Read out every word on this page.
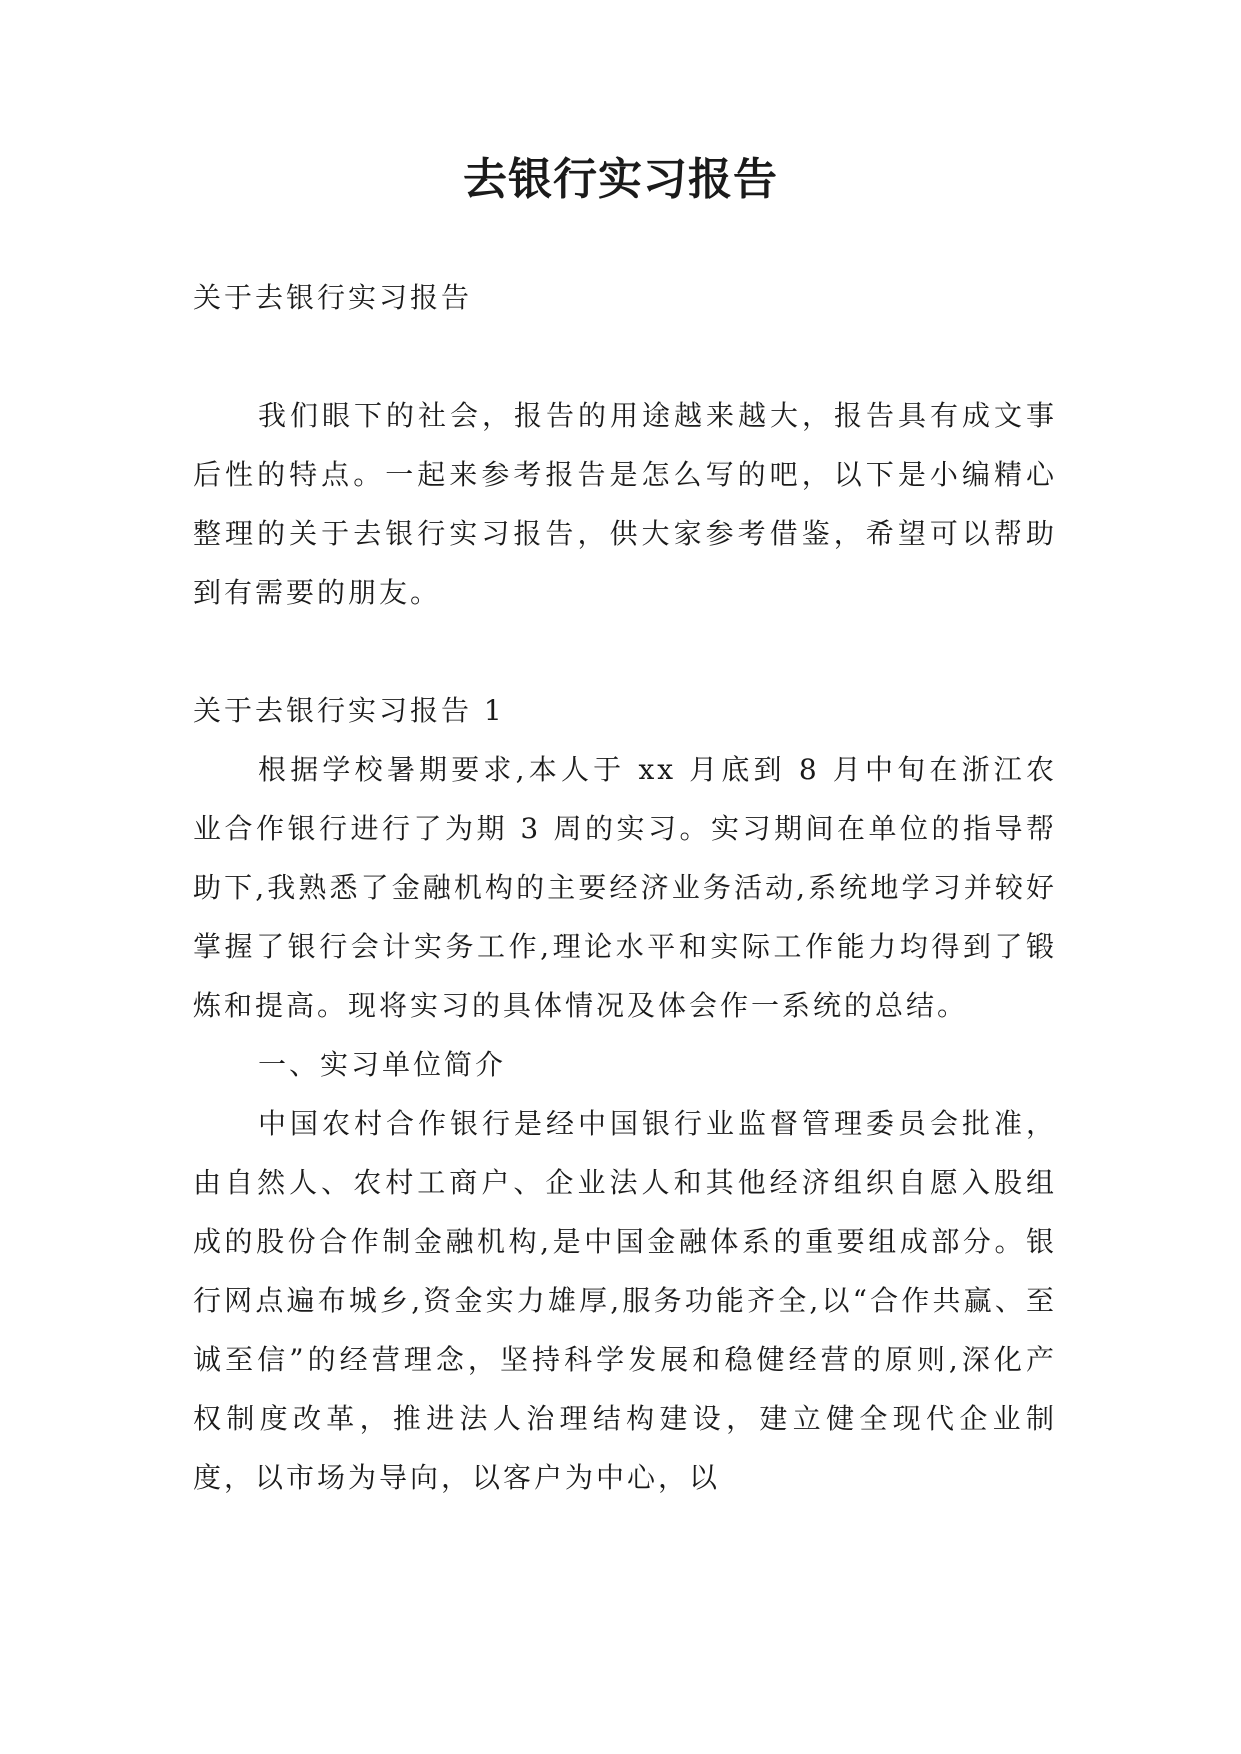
去银行实习报告

关于去银行实习报告

我们眼下的社会，报告的用途越来越大，报告具有成文事后性的特点。一起来参考报告是怎么写的吧，以下是小编精心整理的关于去银行实习报告，供大家参考借鉴，希望可以帮助到有需要的朋友。

关于去银行实习报告 1

根据学校暑期要求,本人于 xx 月底到 8 月中旬在浙江农业合作银行进行了为期 3 周的实习。实习期间在单位的指导帮助下,我熟悉了金融机构的主要经济业务活动,系统地学习并较好掌握了银行会计实务工作,理论水平和实际工作能力均得到了锻炼和提高。现将实习的具体情况及体会作一系统的总结。

一、实习单位简介

中国农村合作银行是经中国银行业监督管理委员会批准，由自然人、农村工商户、企业法人和其他经济组织自愿入股组成的股份合作制金融机构,是中国金融体系的重要组成部分。银行网点遍布城乡,资金实力雄厚,服务功能齐全,以“合作共赢、至诚至信”的经营理念，坚持科学发展和稳健经营的原则,深化产权制度改革，推进法人治理结构建设，建立健全现代企业制度，以市场为导向，以客户为中心，以
